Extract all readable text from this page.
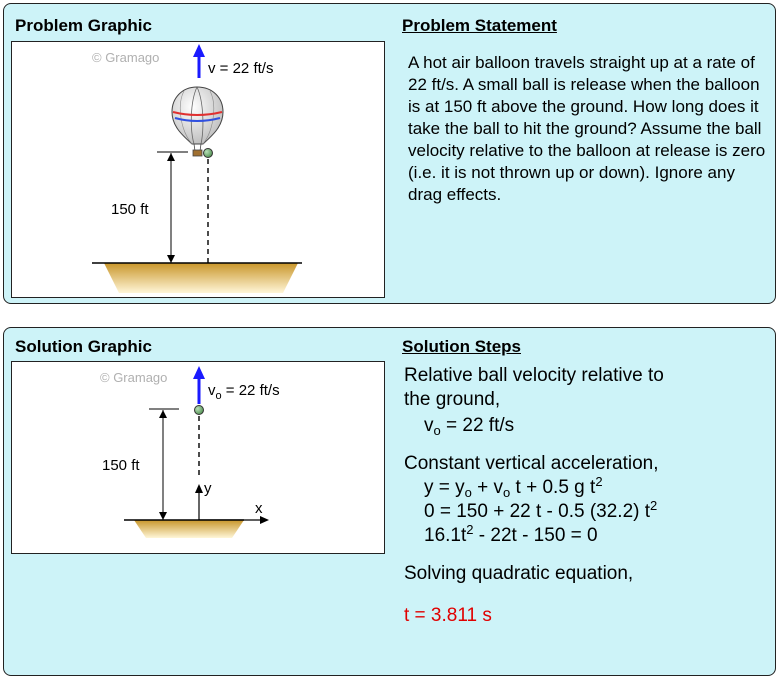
Problem Graphic	Problem Statement
© Gramago
v = 22 ft/s
150 ft
A hot air balloon travels straight up at a rate of 22 ft/s. A small ball is release when the balloon is at 150 ft above the ground. How long does it take the ball to hit the ground? Assume the ball velocity relative to the balloon at release is zero (i.e. it is not thrown up or down). Ignore any drag effects.
Solution Graphic	Solution Steps
© Gramago
$v_o = 22$ ft/s
y
x
150 ft
Relative ball velocity relative to
the ground,
$v_o = 22$ ft/s
Constant vertical acceleration,
$y = y_o + v_o$ t + 0.5 g $t^2$
0 = 150 + 22 t - 0.5 (32.2) $t^2$
$16.1t^2 - 22t - 150 = 0$
Solving quadratic equation,
t = 3.811 s
